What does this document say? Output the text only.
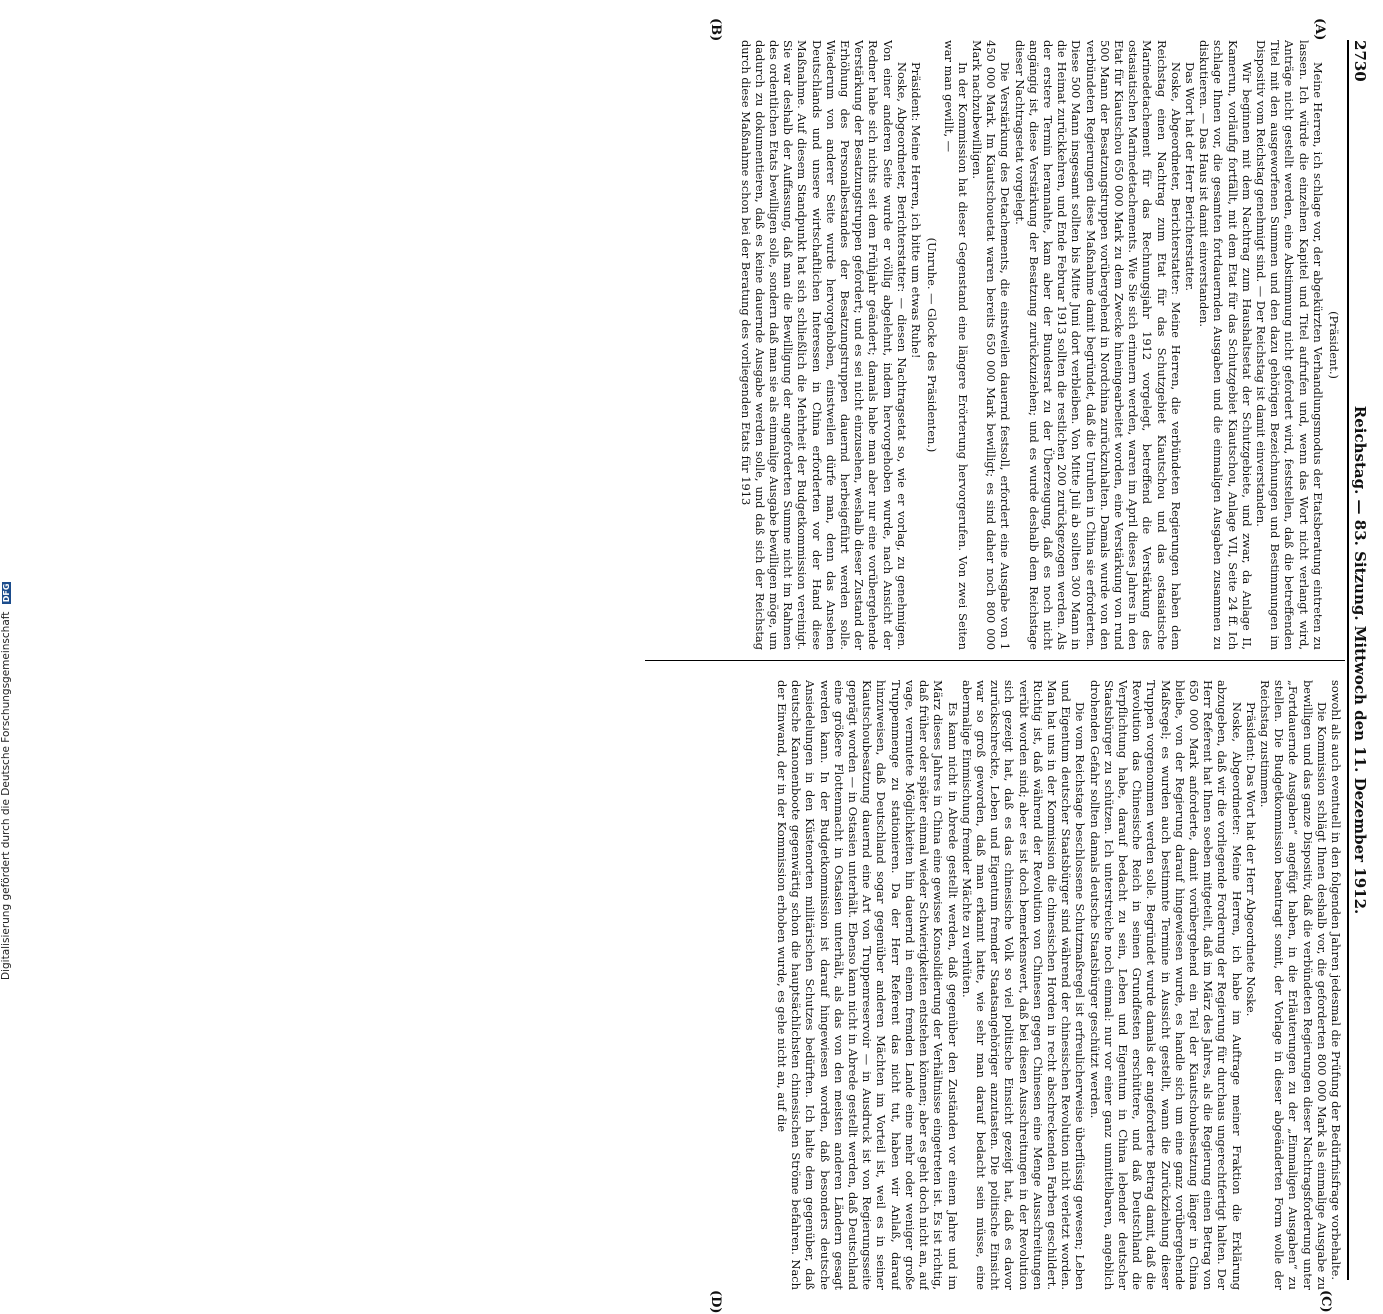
2730
Reichstag. — 83. Sitzung. Mittwoch den 11. Dezember 1912.
(A)
(B)
(C)
(D)

(Präsident.)

Meine Herren, ich schlage vor, der abgekürzten Verhandlungsmodus der Etatsberatung eintreten zu lassen. Ich würde die einzelnen Kapitel und Titel aufrufen und, wenn das Wort nicht verlangt wird, Anträge nicht gestellt werden, eine Abstimmung nicht gefordert wird, feststellen, daß die betreffenden Titel mit den ausgeworfenen Summen und den dazu gehörigen Bezeichnungen und Bestimmungen im Dispositiv vom Reichstag genehmigt sind. — Der Reichstag ist damit einverstanden.

Wir beginnen mit dem Nachtrag zum Haushaltsetat der Schutzgebiete, und zwar, da Anlage II, Kamerun, vorläufig fortfällt, mit dem Etat für das Schutzgebiet Kiautschou, Anlage VII, Seite 24 ff. Ich schlage Ihnen vor, die gesamten fortdauernden Ausgaben und die einmaligen Ausgaben zusammen zu diskutieren. — Das Haus ist damit einverstanden.

Das Wort hat der Herr Berichterstatter.

Noske, Abgeordneter, Berichterstatter: Meine Herren, die verbündeten Regierungen haben dem Reichstag einen Nachtrag zum Etat für das Schutzgebiet Kiautschou und das ostasiatische Marinedetachement für das Rechnungsjahr 1912 vorgelegt, betreffend die Verstärkung des ostasiatischen Marinedetachements. Wie Sie sich erinnern werden, waren im April dieses Jahres in den Etat für Kiautschou 650 000 Mark zu dem Zwecke hineingearbeitet worden, eine Verstärkung von rund 500 Mann der Besatzungstruppen vorübergehend in Nordchina zurückzuhalten. Damals wurde von den verbündeten Regierungen diese Maßnahme damit begründet, daß die Unruhen in China sie erforderten. Diese 500 Mann insgesamt sollten bis Mitte Juni dort verbleiben. Von Mitte Juli ab sollten 300 Mann in die Heimat zurückkehren, und Ende Februar 1913 sollten die restlichen 200 zurückgezogen werden. Als der erstere Termin herannahte, kam aber der Bundesrat zu der Überzeugung, daß es noch nicht angängig ist, diese Verstärkung der Besatzung zurückzuziehen; und es wurde deshalb dem Reichstage dieser Nachtragsetat vorgelegt.

Die Verstärkung des Detachements, die einstweilen dauernd festsoll, erfordert eine Ausgabe von 1 450 000 Mark. Im Kiautschouetat waren bereits 650 000 Mark bewilligt; es sind daher noch 800 000 Mark nachzubewilligen.

In der Kommission hat dieser Gegenstand eine längere Erörterung hervorgerufen. Von zwei Seiten war man gewillt, —

(Unruhe. — Glocke des Präsidenten.)

Präsident: Meine Herren, ich bitte um etwas Ruhe!

Noske, Abgeordneter, Berichterstatter: — diesen Nachtragsetat so, wie er vorlag, zu genehmigen. Von einer anderen Seite wurde er völlig abgelehnt, indem hervorgehoben wurde, nach Ansicht der Redner habe sich nichts seit dem Frühjahr geändert; damals habe man aber nur eine vorübergehende Verstärkung der Besatzungstruppen gefordert; und es sei nicht einzusehen, weshalb dieser Zustand der Erhöhung des Personalbestandes der Besatzungstruppen dauernd herbeigeführt werden solle. Wiederum von anderer Seite wurde hervorgehoben, einstweilen dürfe man, denn das Ansehen Deutschlands und unsere wirtschaftlichen Interessen in China erforderten vor der Hand diese Maßnahme. Auf diesem Standpunkt hat sich schließlich die Mehrheit der Budgetkommission vereinigt. Sie war deshalb der Auffassung, daß man die Bewilligung der angeforderten Summe nicht im Rahmen des ordentlichen Etats bewilligen solle, sondern daß man sie als einmalige Ausgabe bewilligen möge, um dadurch zu dokumentieren, daß es keine dauernde Ausgabe werden solle, und daß sich der Reichstag durch diese Maßnahme schon bei der Beratung des vorliegenden Etats für 1913

sowohl als auch eventuell in den folgenden Jahren jedesmal die Prüfung der Bedürfnisfrage vorbehalte.

Die Kommission schlägt Ihnen deshalb vor, die geforderten 800 000 Mark als einmalige Ausgabe zu bewilligen und das ganze Dispositiv, daß die verbündeten Regierungen dieser Nachtragsforderung unter „Fortdauernde Ausgaben“ angefügt haben, in die Erläuterungen zu der „Einmaligen Ausgaben“ zu stellen. Die Budgetkommission beantragt somit, der Vorlage in dieser abgeänderten Form wolle der Reichstag zustimmen.

Präsident: Das Wort hat der Herr Abgeordnete Noske.

Noske, Abgeordneter: Meine Herren, ich habe im Auftrage meiner Fraktion die Erklärung abzugeben, daß wir die vorliegende Forderung der Regierung für durchaus ungerechtfertigt halten. Der Herr Referent hat Ihnen soeben mitgeteilt, daß im März des Jahres, als die Regierung einen Betrag von 650 000 Mark anforderte, damit vorübergehend ein Teil der Kiautschoubesatzung länger in China bleibe, von der Regierung darauf hingewiesen wurde, es handle sich um eine ganz vorübergehende Maßregel; es wurden auch bestimmte Termine in Aussicht gestellt, wann die Zurückziehung dieser Truppen vorgenommen werden solle. Begründet wurde damals der angeforderte Betrag damit, daß die Revolution das Chinesische Reich in seinen Grundfesten erschüttere, und daß Deutschland die Verpflichtung habe, darauf bedacht zu sein, Leben und Eigentum in China lebender deutscher Staatsbürger zu schützen. Ich unterstreiche noch einmal: nur vor einer ganz unmittelbaren, angeblich drohenden Gefahr sollten damals deutsche Staatsbürger geschützt werden.

Die vom Reichstage beschlossene Schutzmaßregel ist erfreulicherweise überflüssig gewesen; Leben und Eigentum deutscher Staatsbürger sind während der chinesischen Revolution nicht verletzt worden. Man hat uns in der Kommission die chinesischen Horden in recht abschreckenden Farben geschildert. Richtig ist, daß während der Revolution von Chinesen gegen Chinesen eine Menge Ausschreitungen verübt worden sind; aber es ist doch bemerkenswert, daß bei diesen Ausschreitungen in der Revolution sich gezeigt hat, daß es das chinesische Volk so viel politische Einsicht gezeigt hat, daß es davor zurückschreckte, Leben und Eigentum fremder Staatsangehöriger anzutasten. Die politische Einsicht war so groß geworden, daß man erkannt hatte, wie sehr man darauf bedacht sein müsse, eine abermalige Einmischung fremder Mächte zu verhüten.

Es kann nicht in Abrede gestellt werden, daß gegenüber den Zuständen vor einem Jahre und im März dieses Jahres in China eine gewisse Konsolidierung der Verhältnisse eingetreten ist. Es ist richtig, daß früher oder später einmal wieder Schwierigkeiten entstehen können; aber es geht doch nicht an, auf vage, vermutete Möglichkeiten hin dauernd in einem fremden Lande eine mehr oder weniger große Truppenmenge zu stationieren. Da der Herr Referent das nicht tut, haben wir Anlaß, darauf hinzuweisen, daß Deutschland sogar gegenüber anderen Mächten im Vorteil ist, weil es in seiner Kiautschoubesatzung dauernd eine Art von Truppenreservoir — in Ausdruck ist von Regierungsseite geprägt worden — in Ostasien unterhält. Ebenso kann nicht in Abrede gestellt werden, daß Deutschland eine größere Flottenmacht in Ostasien unterhält, als das von den meisten anderen Ländern gesagt werden kann. In der Budgetkommission ist darauf hingewiesen worden, daß besonders deutsche Ansiedelungen in den Küstenorten militärischen Schutzes bedürften. Ich halte dem gegenüber, daß deutsche Kanonenboote gegenwärtig schon die hauptsächlichsten chinesischen Ströme befahren. Nach der Einwand, der in der Kommission erhoben wurde, es gehe nicht an, auf die

Digitalisierung gefördert durch die Deutsche Forschungsgemeinschaft DFG
